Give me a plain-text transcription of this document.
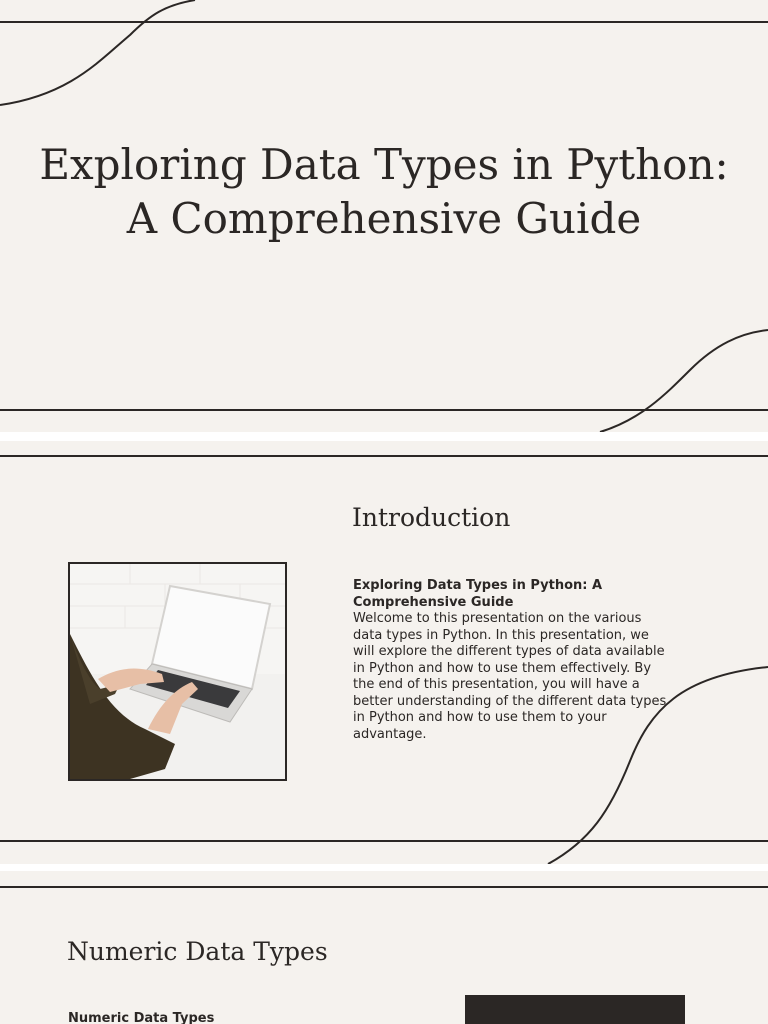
Exploring Data Types in Python:
A Comprehensive Guide
Introduction
Exploring Data Types in Python: A Comprehensive Guide
Welcome to this presentation on the various data types in Python. In this presentation, we will explore the different types of data available in Python and how to use them effectively. By the end of this presentation, you will have a better understanding of the different data types in Python and how to use them to your advantage.
Numeric Data Types
Numeric Data Types
